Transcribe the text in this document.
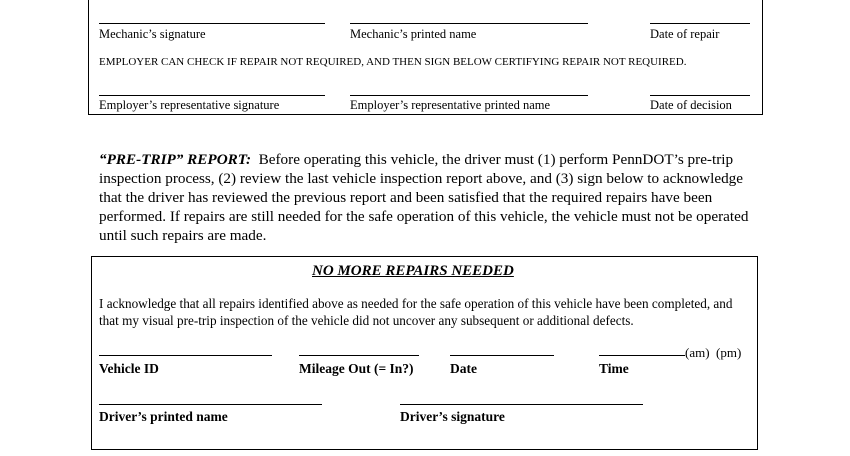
Mechanic’s signature	Mechanic’s printed name	Date of repair
EMPLOYER CAN CHECK IF REPAIR NOT REQUIRED, AND THEN SIGN BELOW CERTIFYING REPAIR NOT REQUIRED.
Employer’s representative signature	Employer’s representative printed name	Date of decision
“PRE-TRIP” REPORT: Before operating this vehicle, the driver must (1) perform PennDOT’s pre-trip inspection process, (2) review the last vehicle inspection report above, and (3) sign below to acknowledge that the driver has reviewed the previous report and been satisfied that the required repairs have been performed. If repairs are still needed for the safe operation of this vehicle, the vehicle must not be operated until such repairs are made.
NO MORE REPAIRS NEEDED
I acknowledge that all repairs identified above as needed for the safe operation of this vehicle have been completed, and that my visual pre-trip inspection of the vehicle did not uncover any subsequent or additional defects.
(am)  (pm)
Vehicle ID	Mileage Out (= In?)	Date	Time
Driver’s printed name	Driver’s signature
